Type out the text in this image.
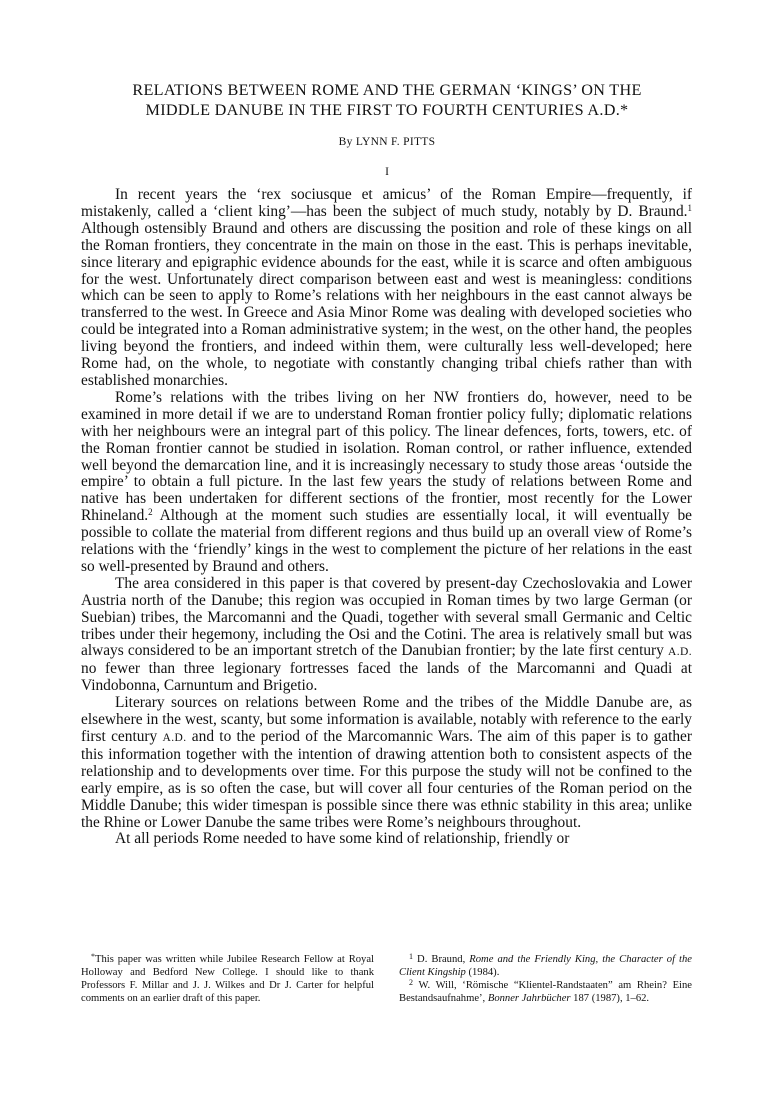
RELATIONS BETWEEN ROME AND THE GERMAN ‘KINGS’ ON THE
MIDDLE DANUBE IN THE FIRST TO FOURTH CENTURIES A.D.*
By LYNN F. PITTS
I

In recent years the ‘rex sociusque et amicus’ of the Roman Empire—frequently, if mistakenly, called a ‘client king’—has been the subject of much study, notably by D. Braund.$^1$ Although ostensibly Braund and others are discussing the position and role of these kings on all the Roman frontiers, they concentrate in the main on those in the east. This is perhaps inevitable, since literary and epigraphic evidence abounds for the east, while it is scarce and often ambiguous for the west. Unfortunately direct comparison between east and west is meaningless: conditions which can be seen to apply to Rome’s relations with her neighbours in the east cannot always be transferred to the west. In Greece and Asia Minor Rome was dealing with developed societies who could be integrated into a Roman administrative system; in the west, on the other hand, the peoples living beyond the frontiers, and indeed within them, were culturally less well-developed; here Rome had, on the whole, to negotiate with constantly changing tribal chiefs rather than with established monarchies.

Rome’s relations with the tribes living on her NW frontiers do, however, need to be examined in more detail if we are to understand Roman frontier policy fully; diplomatic relations with her neighbours were an integral part of this policy. The linear defences, forts, towers, etc. of the Roman frontier cannot be studied in isolation. Roman control, or rather influence, extended well beyond the demarcation line, and it is increasingly necessary to study those areas ‘outside the empire’ to obtain a full picture. In the last few years the study of relations between Rome and native has been undertaken for different sections of the frontier, most recently for the Lower Rhineland.$^2$ Although at the moment such studies are essentially local, it will eventually be possible to collate the material from different regions and thus build up an overall view of Rome’s relations with the ‘friendly’ kings in the west to complement the picture of her relations in the east so well-presented by Braund and others.

The area considered in this paper is that covered by present-day Czechoslovakia and Lower Austria north of the Danube; this region was occupied in Roman times by two large German (or Suebian) tribes, the Marcomanni and the Quadi, together with several small Germanic and Celtic tribes under their hegemony, including the Osi and the Cotini. The area is relatively small but was always considered to be an important stretch of the Danubian frontier; by the late first century A.D. no fewer than three legionary fortresses faced the lands of the Marcomanni and Quadi at Vindobonna, Carnuntum and Brigetio.

Literary sources on relations between Rome and the tribes of the Middle Danube are, as elsewhere in the west, scanty, but some information is available, notably with reference to the early first century A.D. and to the period of the Marcomannic Wars. The aim of this paper is to gather this information together with the intention of drawing attention both to consistent aspects of the relationship and to developments over time. For this purpose the study will not be confined to the early empire, as is so often the case, but will cover all four centuries of the Roman period on the Middle Danube; this wider timespan is possible since there was ethnic stability in this area; unlike the Rhine or Lower Danube the same tribes were Rome’s neighbours throughout.

At all periods Rome needed to have some kind of relationship, friendly or

*This paper was written while Jubilee Research Fellow at Royal Holloway and Bedford New College. I should like to thank Professors F. Millar and J. J. Wilkes and Dr J. Carter for helpful comments on an earlier draft of this paper.

$^1$ D. Braund, Rome and the Friendly King, the Character of the Client Kingship (1984).

$^2$ W. Will, ‘Römische “Klientel-Randstaaten” am Rhein? Eine Bestandsaufnahme’, Bonner Jahrbücher 187 (1987), 1–62.
